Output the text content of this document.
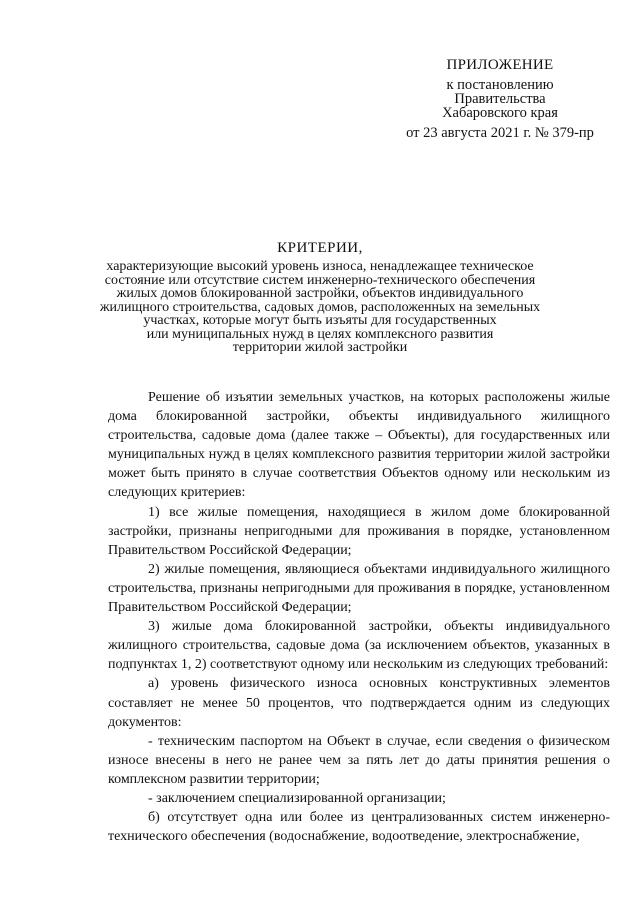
ПРИЛОЖЕНИЕ
к постановлению
Правительства
Хабаровского края
от 23 августа 2021 г. № 379-пр
КРИТЕРИИ,
характеризующие высокий уровень износа, ненадлежащее техническое
состояние или отсутствие систем инженерно-технического обеспечения
жилых домов блокированной застройки, объектов индивидуального
жилищного строительства, садовых домов, расположенных на земельных
участках, которые могут быть изъяты для государственных
или муниципальных нужд в целях комплексного развития
территории жилой застройки

Решение об изъятии земельных участков, на которых расположены жилые дома блокированной застройки, объекты индивидуального жилищного строительства, садовые дома (далее также – Объекты), для государственных или муниципальных нужд в целях комплексного развития территории жилой застройки может быть принято в случае соответствия Объектов одному или нескольким из следующих критериев:

1) все жилые помещения, находящиеся в жилом доме блокированной застройки, признаны непригодными для проживания в порядке, установленном Правительством Российской Федерации;

2) жилые помещения, являющиеся объектами индивидуального жилищного строительства, признаны непригодными для проживания в порядке, установленном Правительством Российской Федерации;

3) жилые дома блокированной застройки, объекты индивидуального жилищного строительства, садовые дома (за исключением объектов, указанных в подпунктах 1, 2) соответствуют одному или нескольким из следующих требований:

а) уровень физического износа основных конструктивных элементов составляет не менее 50 процентов, что подтверждается одним из следующих документов:

- техническим паспортом на Объект в случае, если сведения о физическом износе внесены в него не ранее чем за пять лет до даты принятия решения о комплексном развитии территории;

- заключением специализированной организации;

б) отсутствует одна или более из централизованных систем инженерно-технического обеспечения (водоснабжение, водоотведение, электроснабжение,
